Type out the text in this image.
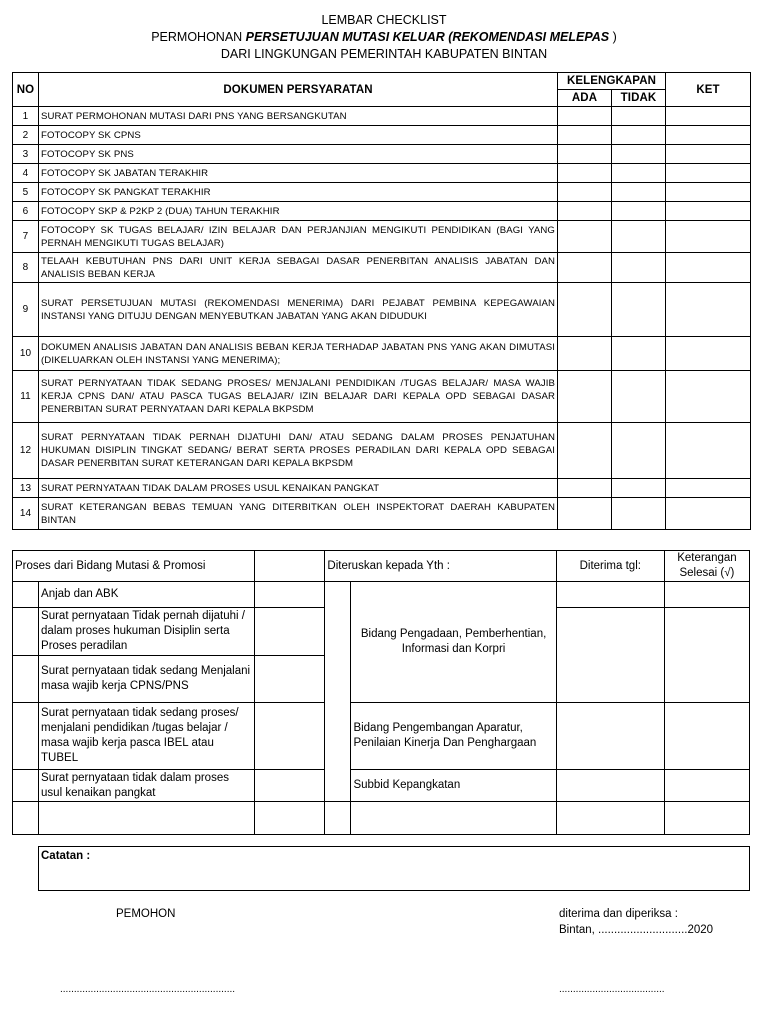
LEMBAR CHECKLIST
PERMOHONAN PERSETUJUAN MUTASI KELUAR (REKOMENDASI MELEPAS )
DARI LINGKUNGAN PEMERINTAH KABUPATEN BINTAN
NO	DOKUMEN PERSYARATAN	KELENGKAPAN		KET
		ADA	TIDAK	
1	SURAT PERMOHONAN MUTASI DARI PNS YANG BERSANGKUTAN			
2	FOTOCOPY SK CPNS			
3	FOTOCOPY SK PNS			
4	FOTOCOPY SK JABATAN TERAKHIR			
5	FOTOCOPY SK PANGKAT TERAKHIR			
6	FOTOCOPY SKP & P2KP 2 (DUA) TAHUN TERAKHIR			
7	FOTOCOPY SK TUGAS BELAJAR/ IZIN BELAJAR DAN PERJANJIAN MENGIKUTI PENDIDIKAN (BAGI YANG PERNAH MENGIKUTI TUGAS BELAJAR)			
8	TELAAH KEBUTUHAN PNS DARI UNIT KERJA SEBAGAI DASAR PENERBITAN ANALISIS JABATAN DAN ANALISIS BEBAN KERJA			
9	SURAT PERSETUJUAN MUTASI (REKOMENDASI MENERIMA) DARI PEJABAT PEMBINA KEPEGAWAIAN INSTANSI YANG DITUJU DENGAN MENYEBUTKAN JABATAN YANG AKAN DIDUDUKI			
10	DOKUMEN ANALISIS JABATAN DAN ANALISIS BEBAN KERJA TERHADAP JABATAN PNS YANG AKAN DIMUTASI (DIKELUARKAN OLEH INSTANSI YANG MENERIMA);			
11	SURAT PERNYATAAN TIDAK SEDANG PROSES/ MENJALANI PENDIDIKAN /TUGAS BELAJAR/ MASA WAJIB KERJA CPNS DAN/ ATAU PASCA TUGAS BELAJAR/ IZIN BELAJAR DARI KEPALA OPD SEBAGAI DASAR PENERBITAN SURAT PERNYATAAN DARI KEPALA BKPSDM			
12	SURAT PERNYATAAN TIDAK PERNAH DIJATUHI DAN/ ATAU SEDANG DALAM PROSES PENJATUHAN HUKUMAN DISIPLIN TINGKAT SEDANG/ BERAT SERTA PROSES PERADILAN DARI KEPALA OPD SEBAGAI DASAR PENERBITAN SURAT KETERANGAN DARI KEPALA BKPSDM			
13	SURAT PERNYATAAN TIDAK DALAM PROSES USUL KENAIKAN PANGKAT			
14	SURAT KETERANGAN BEBAS TEMUAN YANG DITERBITKAN OLEH INSPEKTORAT DAERAH KABUPATEN BINTAN			
Proses dari Bidang Mutasi & Promosi			Diteruskan kepada Yth :		Diterima tgl:	Keterangan Selesai (√)
	Anjab dan ABK			Bidang Pengadaan, Pemberhentian, Informasi dan Korpri		
	Surat pernyataan Tidak pernah dijatuhi / dalam proses hukuman Disiplin serta Proses peradilan					
	Surat pernyataan tidak sedang Menjalani masa wajib kerja CPNS/PNS					
	Surat pernyataan tidak sedang proses/ menjalani pendidikan /tugas belajar / masa wajib kerja pasca IBEL atau TUBEL			Bidang Pengembangan Aparatur, Penilaian Kinerja Dan Penghargaan		
	Surat pernyataan tidak dalam proses usul kenaikan pangkat			Subbid Kepangkatan		

Catatan :
PEMOHON	diterima dan diperiksa :
Bintan, ............................2020
...............................................................	......................................
